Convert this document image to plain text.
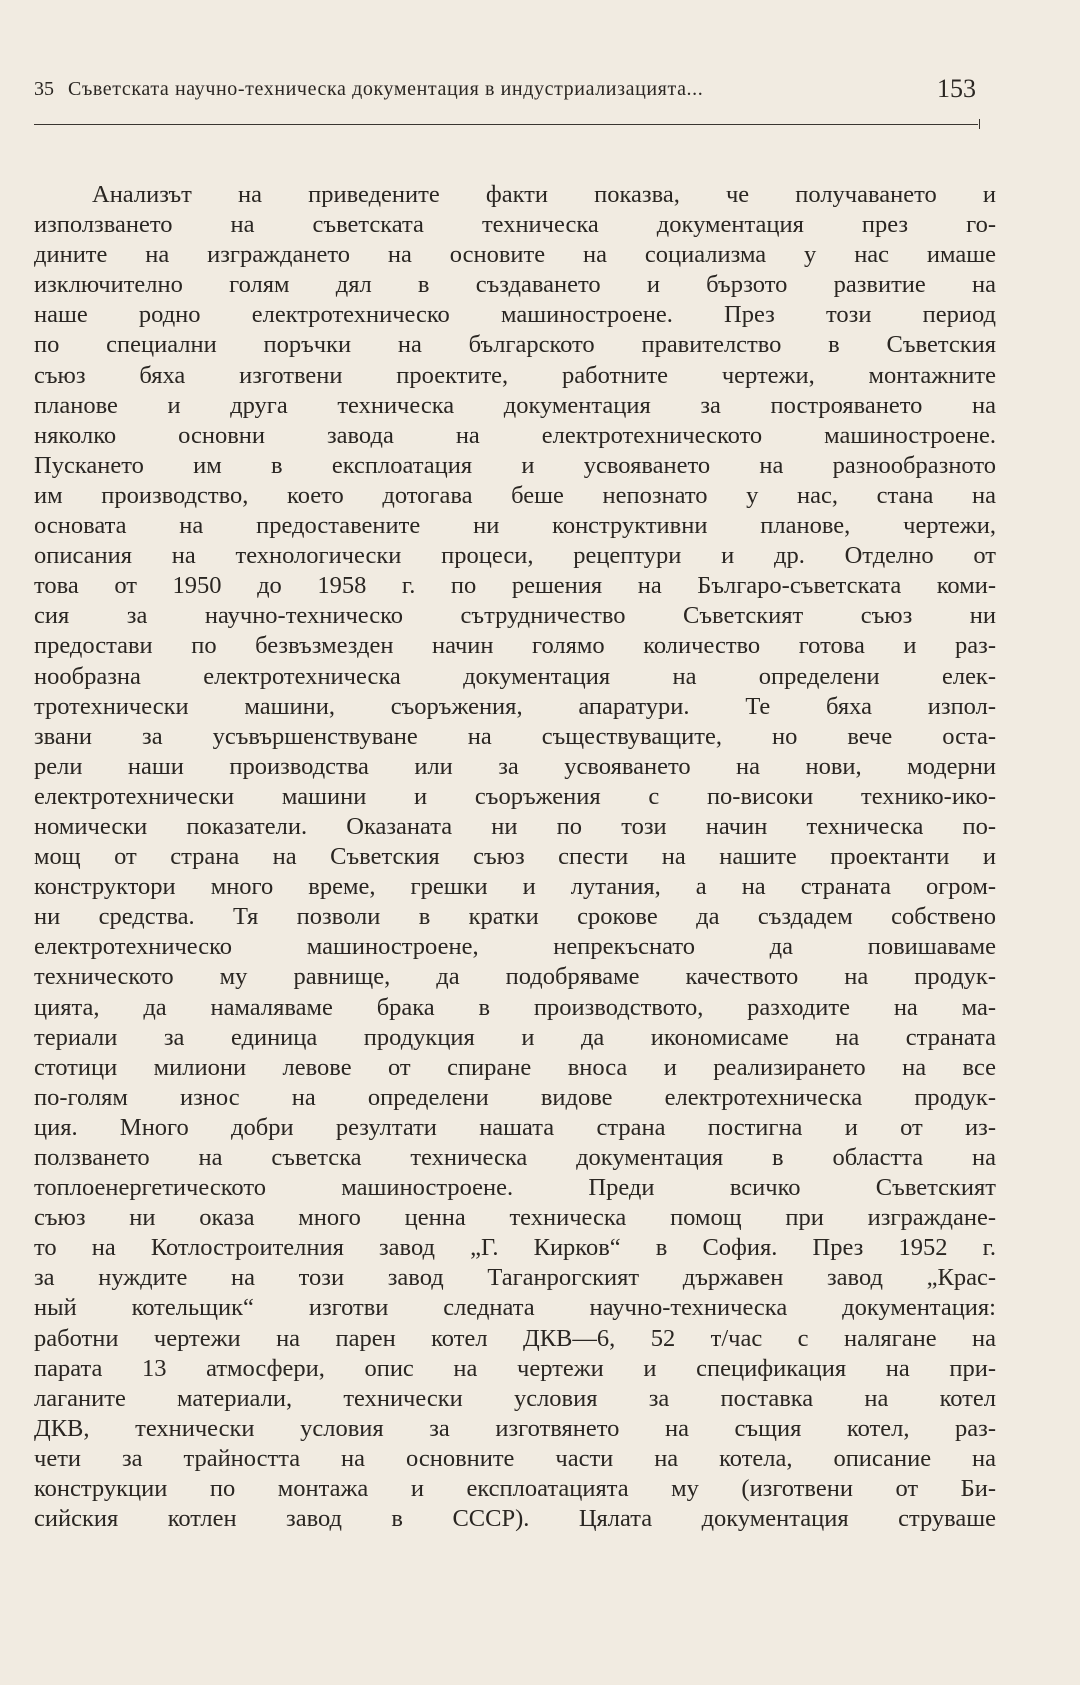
35 Съветската научно-техническа документация в индустриализацията...	153
Анализът на приведените факти показва, че получаването и
използването на съветската техническа документация през го-
дините на изграждането на основите на социализма у нас имаше
изключително голям дял в създаването и бързото развитие на
наше родно електротехническо машиностроене. През този период
по специални поръчки на българското правителство в Съветския
съюз бяха изготвени проектите, работните чертежи, монтажните
планове и друга техническа документация за построяването на
няколко основни завода на електротехническото машиностроене.
Пускането им в експлоатация и усвояването на разнообразното
им производство, което дотогава беше непознато у нас, стана на
основата на предоставените ни конструктивни планове, чертежи,
описания на технологически процеси, рецептури и др. Отделно от
това от 1950 до 1958 г. по решения на Българо-съветската коми-
сия за научно-техническо сътрудничество Съветският съюз ни
предостави по безвъзмезден начин голямо количество готова и раз-
нообразна електротехническа документация на определени елек-
тротехнически машини, съоръжения, апаратури. Те бяха изпол-
звани за усъвършенствуване на съществуващите, но вече оста-
рели наши производства или за усвояването на нови, модерни
електротехнически машини и съоръжения с по-високи технико-ико-
номически показатели. Оказаната ни по този начин техническа по-
мощ от страна на Съветския съюз спести на нашите проектанти и
конструктори много време, грешки и лутания, а на страната огром-
ни средства. Тя позволи в кратки срокове да създадем собствено
електротехническо машиностроене, непрекъснато да повишаваме
техническото му равнище, да подобряваме качеството на продук-
цията, да намаляваме брака в производството, разходите на ма-
териали за единица продукция и да икономисаме на страната
стотици милиони левове от спиране вноса и реализирането на все
по-голям износ на определени видове електротехническа продук-
ция. Много добри резултати нашата страна постигна и от из-
ползването на съветска техническа документация в областта на
топлоенергетическото машиностроене. Преди всичко Съветският
съюз ни оказа много ценна техническа помощ при изграждане-
то на Котлостроителния завод „Г. Кирков“ в София. През 1952 г.
за нуждите на този завод Таганрогският държавен завод „Крас-
ный котельщик“ изготви следната научно-техническа документация:
работни чертежи на парен котел ДКВ—6, 52 т/час с налягане на
парата 13 атмосфери, опис на чертежи и спецификация на при-
лаганите материали, технически условия за поставка на котел
ДКВ, технически условия за изготвянето на същия котел, раз-
чети за трайността на основните части на котела, описание на
конструкции по монтажа и експлоатацията му (изготвени от Би-
сийския котлен завод в СССР). Цялата документация струваше
